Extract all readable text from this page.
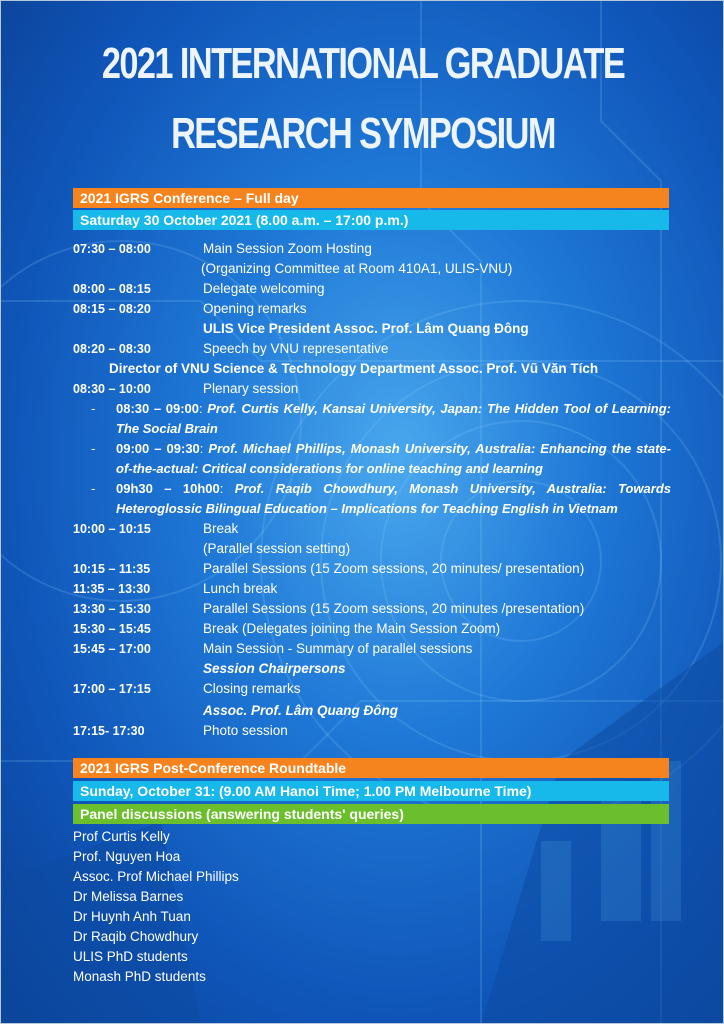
2021 INTERNATIONAL GRADUATE
RESEARCH SYMPOSIUM
2021 IGRS Conference – Full day
Saturday 30 October 2021 (8.00 a.m. – 17:00 p.m.)
07:30 – 08:00	Main Session Zoom Hosting
(Organizing Committee at Room 410A1, ULIS-VNU)
08:00 – 08:15	Delegate welcoming
08:15 – 08:20	Opening remarks
ULIS Vice President Assoc. Prof. Lâm Quang Đông
08:20 – 08:30	Speech by VNU representative
Director of VNU Science & Technology Department Assoc. Prof. Vũ Văn Tích
08:30 – 10:00	Plenary session
-	08:30 – 09:00: Prof. Curtis Kelly, Kansai University, Japan: The Hidden Tool of Learning: The Social Brain
-	09:00 – 09:30: Prof. Michael Phillips, Monash University, Australia: Enhancing the state-of-the-actual: Critical considerations for online teaching and learning
-	09h30 – 10h00: Prof. Raqib Chowdhury, Monash University, Australia: Towards Heteroglossic Bilingual Education – Implications for Teaching English in Vietnam
10:00 – 10:15	Break
(Parallel session setting)
10:15 – 11:35	Parallel Sessions (15 Zoom sessions, 20 minutes/ presentation)
11:35 – 13:30	Lunch break
13:30 – 15:30	Parallel Sessions (15 Zoom sessions, 20 minutes /presentation)
15:30 – 15:45	Break (Delegates joining the Main Session Zoom)
15:45 – 17:00	Main Session - Summary of parallel sessions
Session Chairpersons
17:00 – 17:15	Closing remarks
Assoc. Prof. Lâm Quang Đông
17:15- 17:30	Photo session
2021 IGRS Post-Conference Roundtable
Sunday, October 31: (9.00 AM Hanoi Time; 1.00 PM Melbourne Time)
Panel discussions (answering students' queries)
Prof Curtis Kelly
Prof. Nguyen Hoa
Assoc. Prof Michael Phillips
Dr Melissa Barnes
Dr Huynh Anh Tuan
Dr Raqib Chowdhury
ULIS PhD students
Monash PhD students
